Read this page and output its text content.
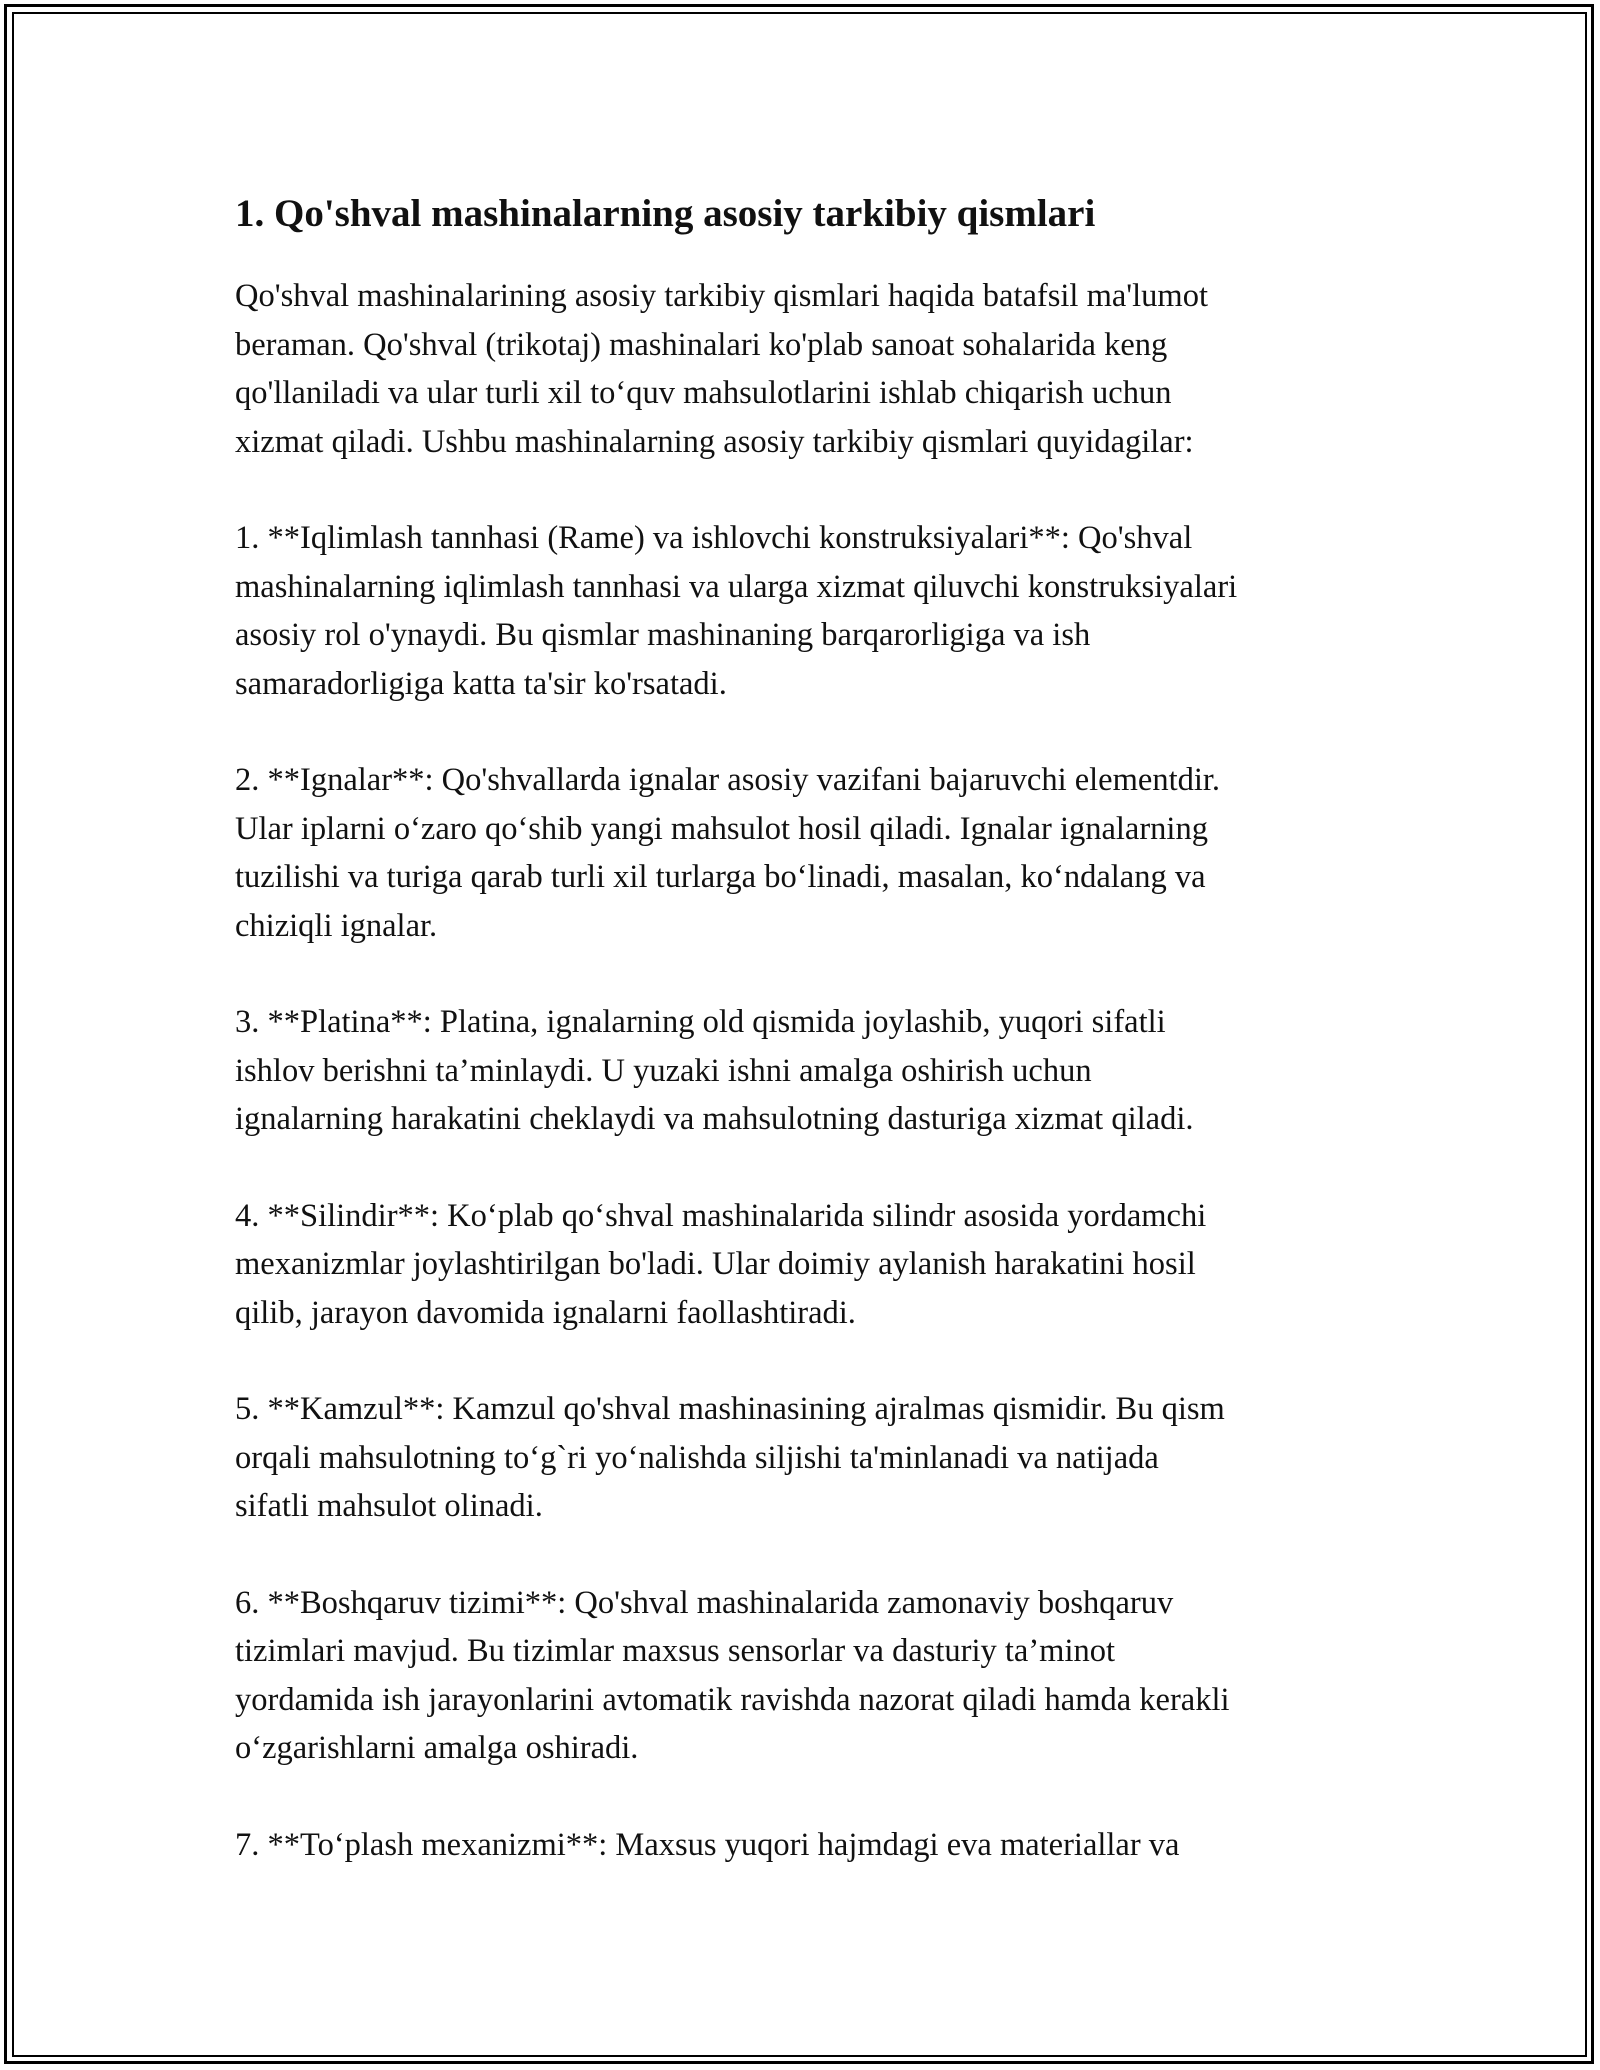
1. Qo'shval mashinalarning asosiy tarkibiy qismlari

Qo'shval mashinalarining asosiy tarkibiy qismlari haqida batafsil ma'lumot
beraman. Qo'shval (trikotaj) mashinalari ko'plab sanoat sohalarida keng
qo'llaniladi va ular turli xil to‘quv mahsulotlarini ishlab chiqarish uchun
xizmat qiladi. Ushbu mashinalarning asosiy tarkibiy qismlari quyidagilar:

1. **Iqlimlash tannhasi (Rame) va ishlovchi konstruksiyalari**: Qo'shval
mashinalarning iqlimlash tannhasi va ularga xizmat qiluvchi konstruksiyalari
asosiy rol o'ynaydi. Bu qismlar mashinaning barqarorligiga va ish
samaradorligiga katta ta'sir ko'rsatadi.

2. **Ignalar**: Qo'shvallarda ignalar asosiy vazifani bajaruvchi elementdir.
Ular iplarni o‘zaro qo‘shib yangi mahsulot hosil qiladi. Ignalar ignalarning
tuzilishi va turiga qarab turli xil turlarga bo‘linadi, masalan, ko‘ndalang va
chiziqli ignalar.

3. **Platina**: Platina, ignalarning old qismida joylashib, yuqori sifatli
ishlov berishni ta’minlaydi. U yuzaki ishni amalga oshirish uchun
ignalarning harakatini cheklaydi va mahsulotning dasturiga xizmat qiladi.

4. **Silindir**: Ko‘plab qo‘shval mashinalarida silindr asosida yordamchi
mexanizmlar joylashtirilgan bo'ladi. Ular doimiy aylanish harakatini hosil
qilib, jarayon davomida ignalarni faollashtiradi.

5. **Kamzul**: Kamzul qo'shval mashinasining ajralmas qismidir. Bu qism
orqali mahsulotning to‘g`ri yo‘nalishda siljishi ta'minlanadi va natijada
sifatli mahsulot olinadi.

6. **Boshqaruv tizimi**: Qo'shval mashinalarida zamonaviy boshqaruv
tizimlari mavjud. Bu tizimlar maxsus sensorlar va dasturiy ta’minot
yordamida ish jarayonlarini avtomatik ravishda nazorat qiladi hamda kerakli
o‘zgarishlarni amalga oshiradi.

7. **To‘plash mexanizmi**: Maxsus yuqori hajmdagi eva materiallar va
